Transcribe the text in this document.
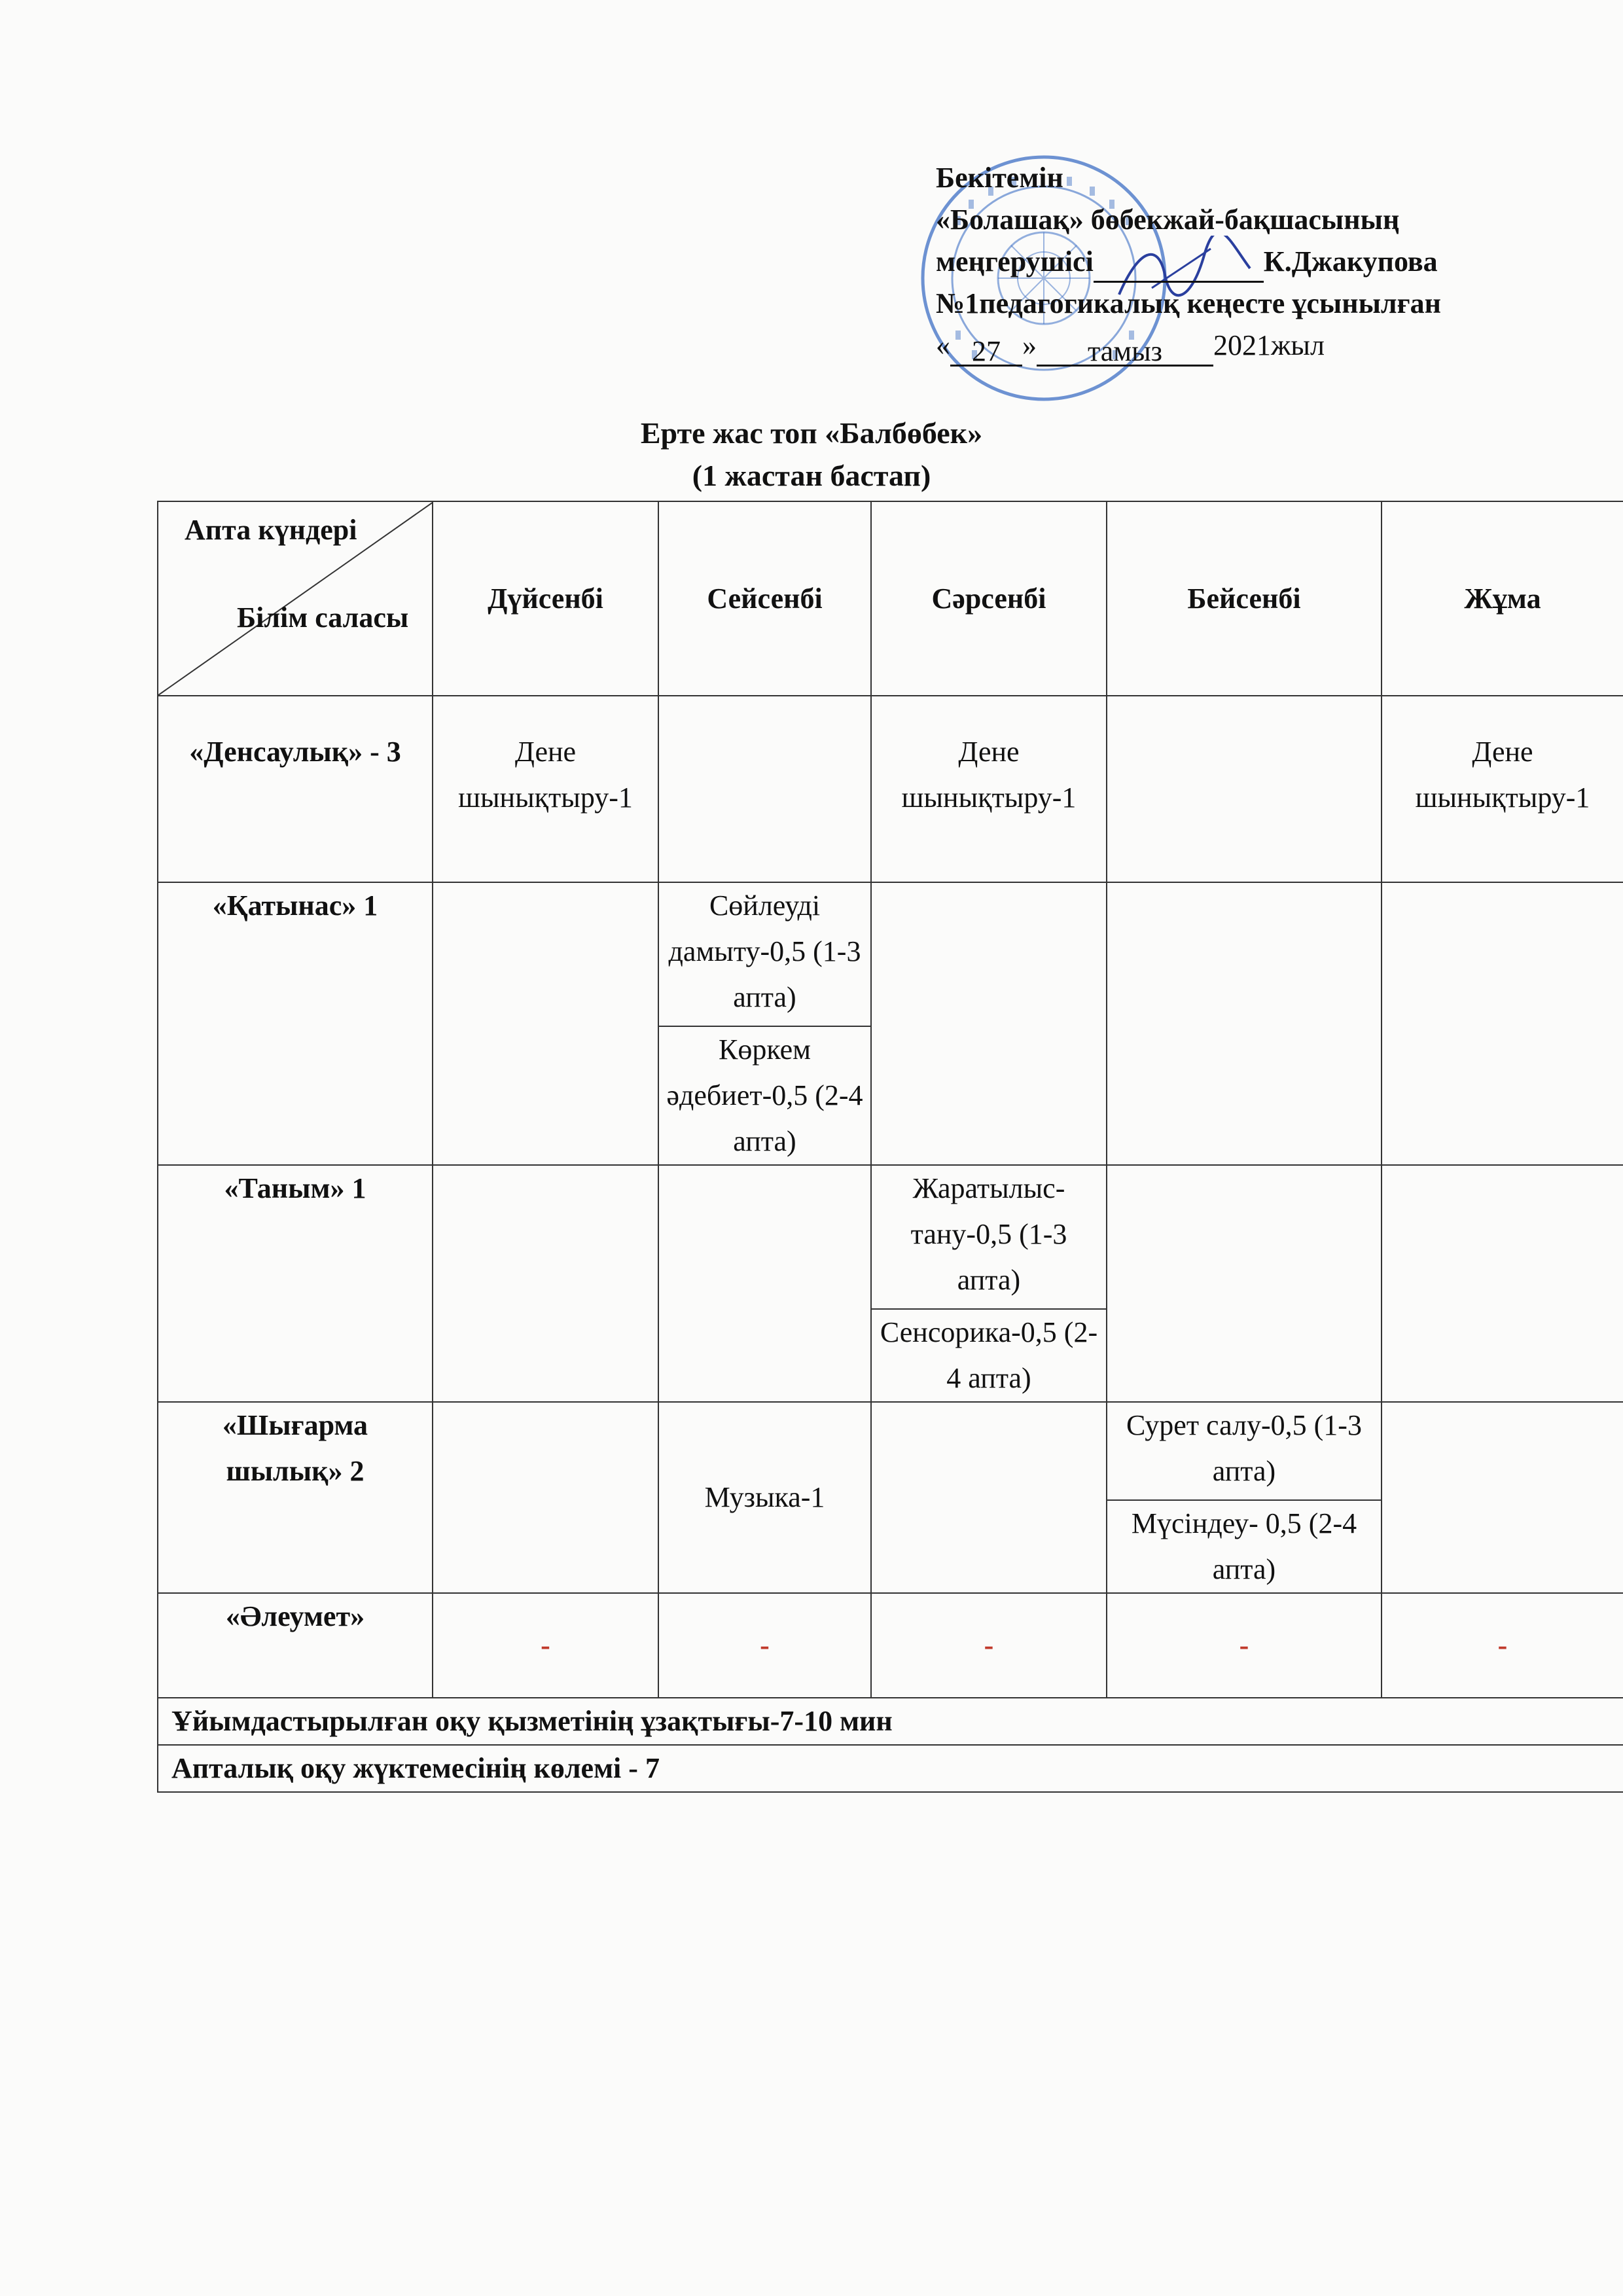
Бекітемін
«Болашақ» бөбекжай-бақшасының
меңгерушісі	К.Джакупова
№1педагогикалық кеңесте ұсынылған
« 27 » тамыз 2021жыл
Ерте жас топ «Балбөбек»
(1 жастан бастап)
Апта күндері
Білім саласы	Дүйсенбі	Сейсенбі	Сәрсенбі	Бейсенбі	Жұма
«Денсаулық» - 3	Дене шынықтыру-1		Дене шынықтыру-1		Дене шынықтыру-1
«Қатынас» 1		Сөйлеуді дамыту-0,5 (1-3 апта)			
		Көркем әдебиет-0,5 (2-4 апта)			
«Таным» 1			Жаратылыс-тану-0,5 (1-3 апта)		
			Сенсорика-0,5 (2-4 апта)		
«Шығарма шылық» 2		Музыка-1		Сурет салу-0,5 (1-3 апта)	
				Мүсіндеу- 0,5 (2-4 апта)	
«Әлеумет»	-	-	-	-	-
Ұйымдастырылған оқу қызметінің ұзақтығы-7-10 мин					
Апталық оқу жүктемесінің көлемі - 7					
